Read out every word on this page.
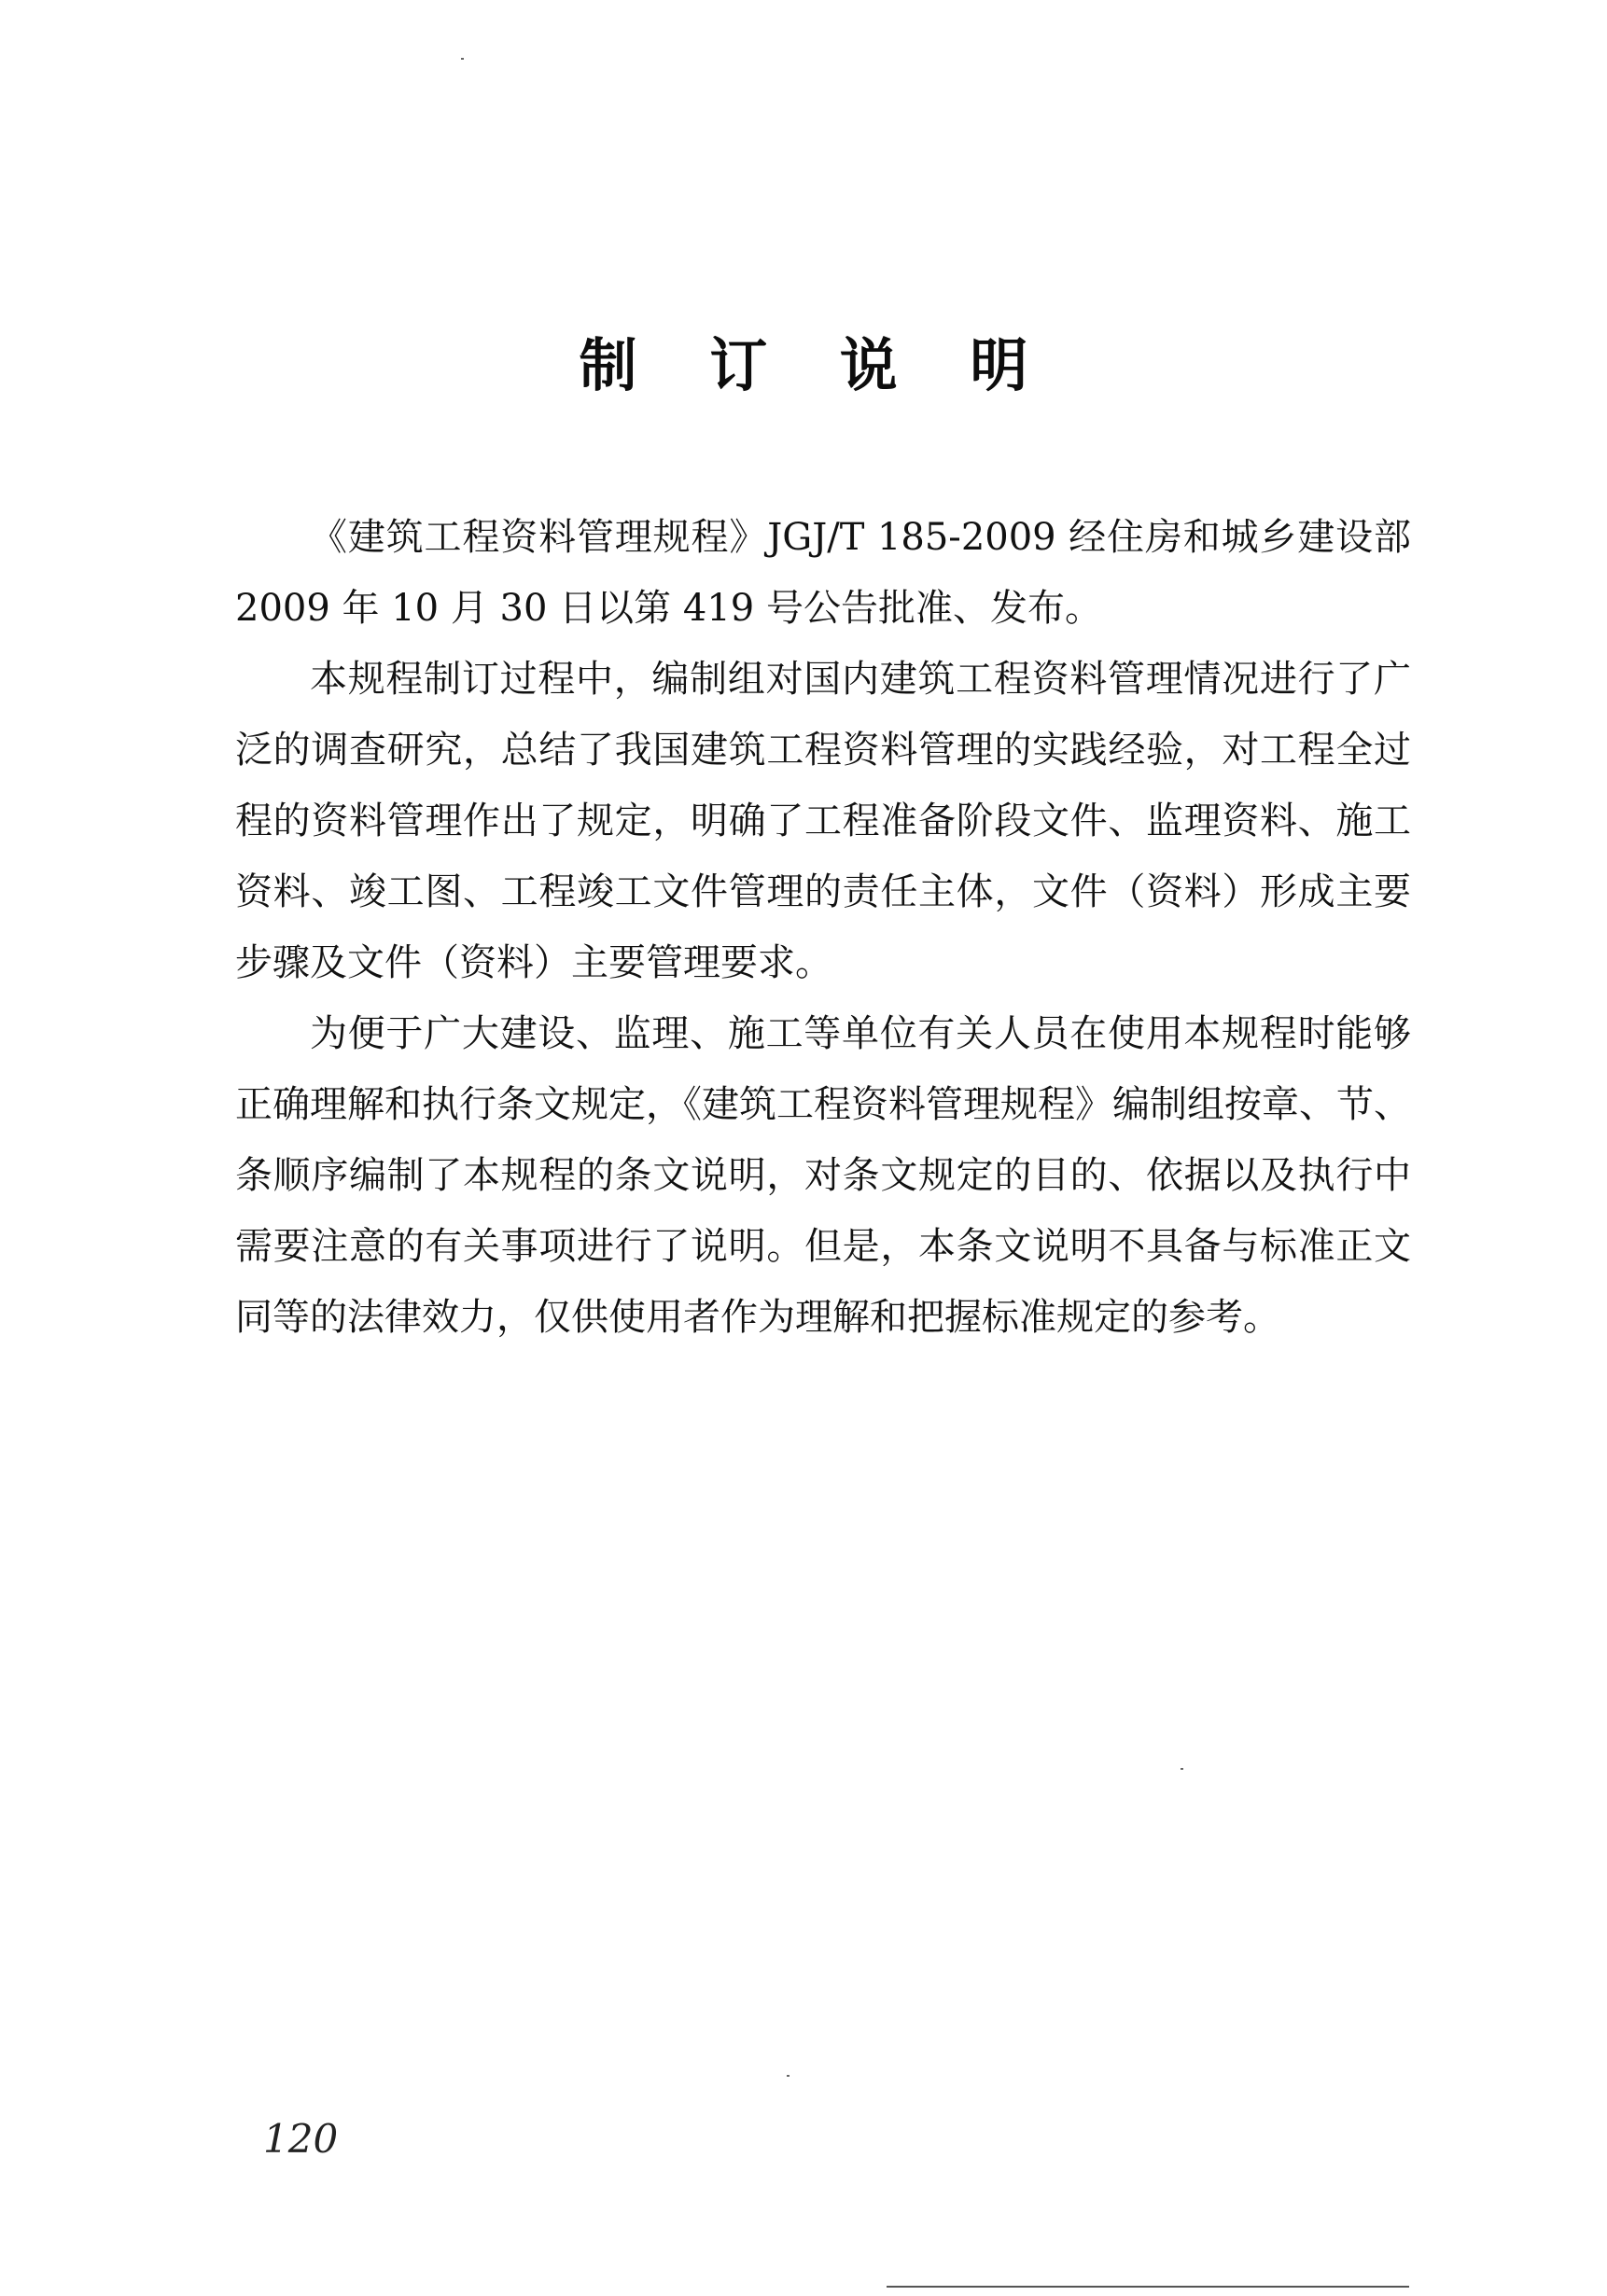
制 订 说 明

《建筑工程资料管理规程》JGJ/T 185-2009 经住房和城乡建设部 2009 年 10 月 30 日以第 419 号公告批准、发布。

本规程制订过程中，编制组对国内建筑工程资料管理情况进行了广泛的调查研究，总结了我国建筑工程资料管理的实践经验，对工程全过程的资料管理作出了规定，明确了工程准备阶段文件、监理资料、施工资料、竣工图、工程竣工文件管理的责任主体，文件（资料）形成主要步骤及文件（资料）主要管理要求。

为便于广大建设、监理、施工等单位有关人员在使用本规程时能够正确理解和执行条文规定，《建筑工程资料管理规程》编制组按章、节、条顺序编制了本规程的条文说明，对条文规定的目的、依据以及执行中需要注意的有关事项进行了说明。但是，本条文说明不具备与标准正文同等的法律效力，仅供使用者作为理解和把握标准规定的参考。

120
